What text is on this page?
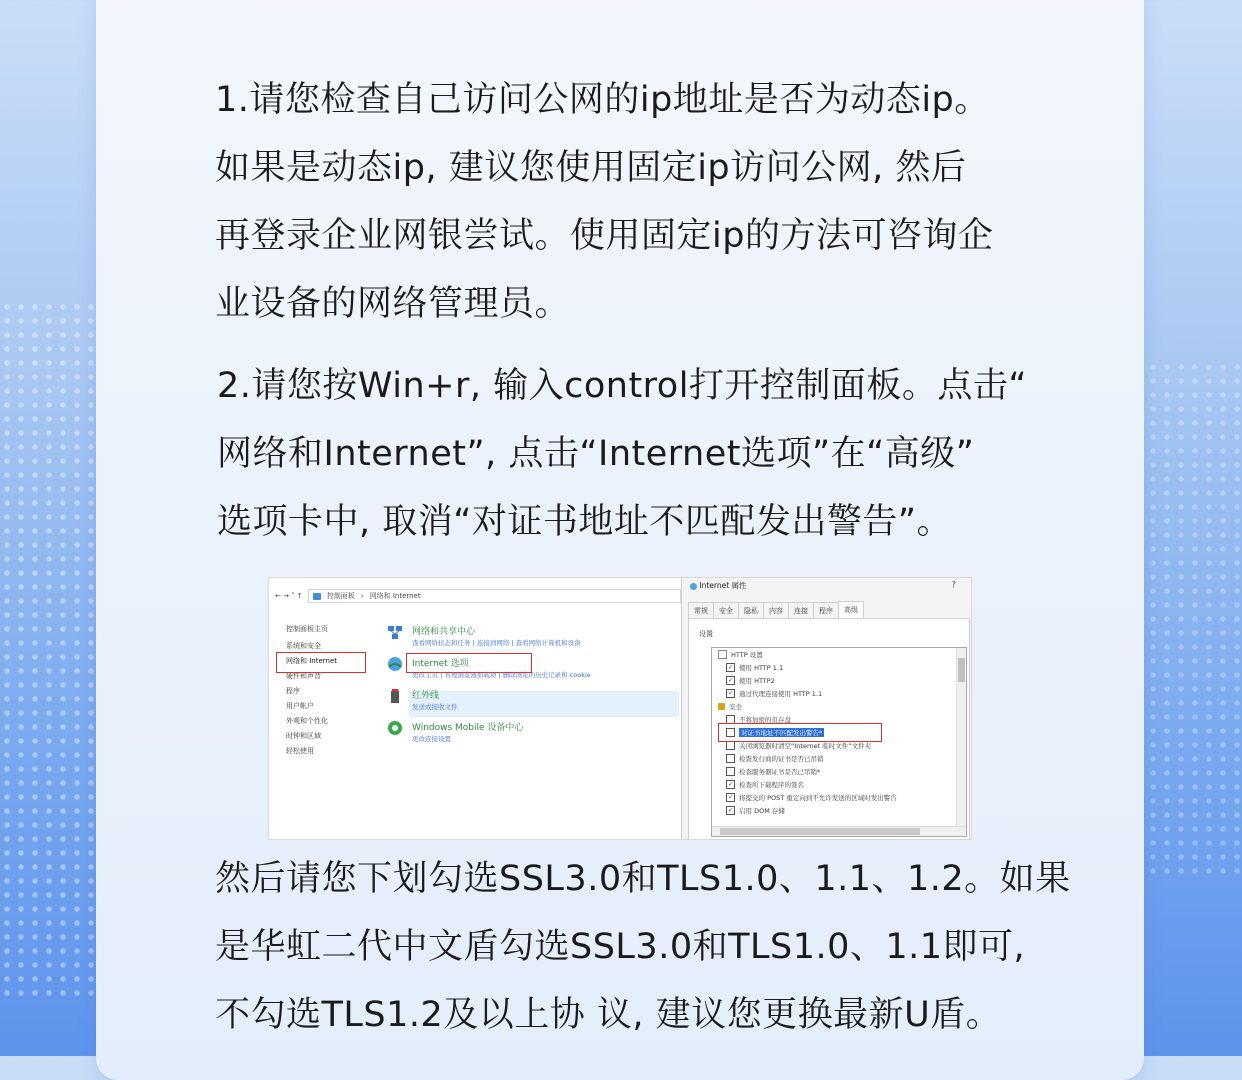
1.请您检查自己访问公网的ip地址是否为动态ip。
如果是动态ip, 建议您使用固定ip访问公网, 然后
再登录企业网银尝试。使用固定ip的方法可咨询企
业设备的网络管理员。
2.请您按Win+r, 输入control打开控制面板。点击“
网络和Internet”, 点击“Internet选项”在“高级”
选项卡中, 取消“对证书地址不匹配发出警告”。
← → ˅ ↑	控制面板 › 网络和 Internet
控制面板主页
系统和安全
网络和 Internet
硬件和声音
程序
用户帐户
外观和个性化
时钟和区域
轻松使用
网络和共享中心
查看网络状态和任务 | 连接到网络 | 查看网络计算机和设备
Internet 选项
更改主页 | 管理浏览器加载项 | 删除浏览的历史记录和 cookie
红外线
发送或接收文件
Windows Mobile 设备中心
更改连接设置
Internet 属性	?
常规	安全	隐私	内容	连接	程序	高级
设置
HTTP 设置
✓ 使用 HTTP 1.1
✓ 使用 HTTP2
✓ 通过代理连接使用 HTTP 1.1
安全
不将加密的页存盘
对证书地址不匹配发出警告*
关闭浏览器时清空“Internet 临时文件”文件夹
检查发行商的证书是否已吊销
检查服务器证书是否已吊销*
✓ 检查所下载程序的签名
✓ 将提交的 POST 重定向到不允许发送的区域时发出警告
✓ 启用 DOM 存储
然后请您下划勾选SSL3.0和TLS1.0、1.1、1.2。如果
是华虹二代中文盾勾选SSL3.0和TLS1.0、1.1即可,
不勾选TLS1.2及以上协 议, 建议您更换最新U盾。
